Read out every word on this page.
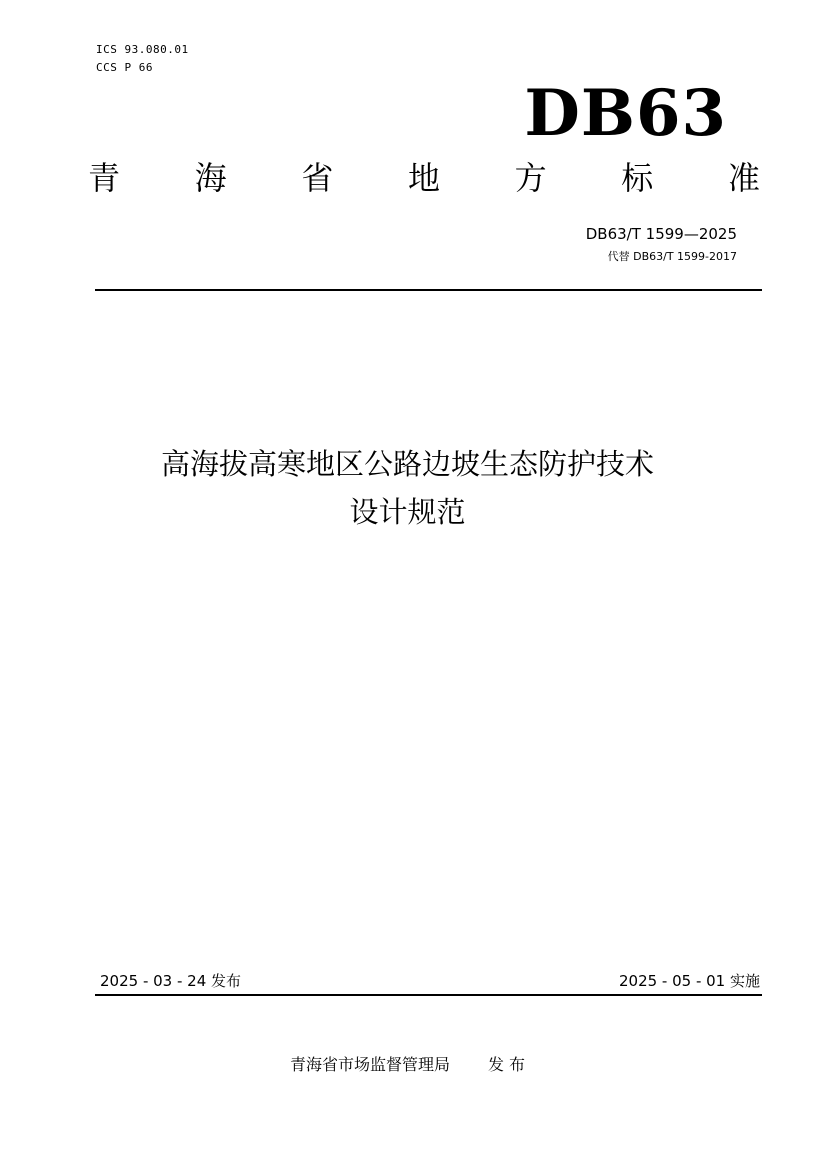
ICS 93.080.01
CCS P 66
DB63
青 海 省 地 方 标 准
DB63/T 1599—2025
代替 DB63/T 1599-2017
高海拔高寒地区公路边坡生态防护技术
设计规范
2025 - 03 - 24 发布	2025 - 05 - 01 实施
青海省市场监督管理局 发 布
